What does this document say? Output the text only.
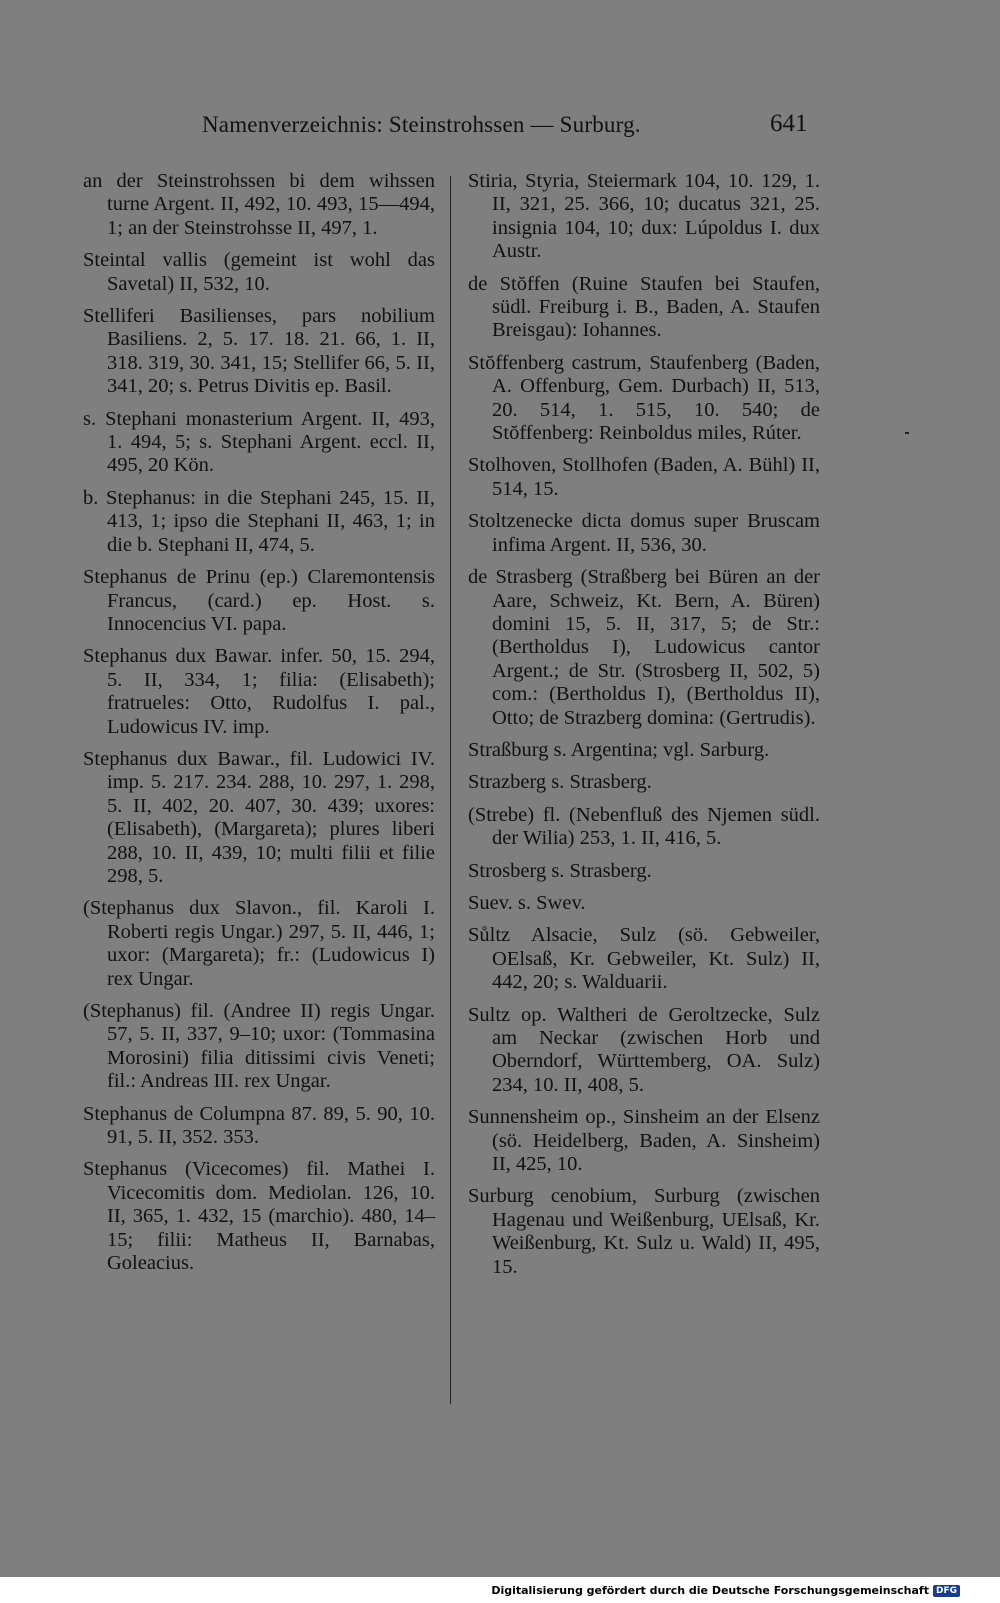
Namenverzeichnis: Steinstrohssen — Surburg.	641

an der Steinstrohssen bi dem wihssen turne Argent. II, 492, 10. 493, 15—494, 1; an der Steinstrohsse II, 497, 1.

Steintal vallis (gemeint ist wohl das Savetal) II, 532, 10.

Stelliferi Basilienses, pars nobilium Basiliens. 2, 5. 17. 18. 21. 66, 1. II, 318. 319, 30. 341, 15; Stellifer 66, 5. II, 341, 20; s. Petrus Divitis ep. Basil.

s. Stephani monasterium Argent. II, 493, 1. 494, 5; s. Stephani Argent. eccl. II, 495, 20 Kön.

b. Stephanus: in die Stephani 245, 15. II, 413, 1; ipso die Stephani II, 463, 1; in die b. Stephani II, 474, 5.

Stephanus de Prinu (ep.) Claremontensis Francus, (card.) ep. Host. s. Innocencius VI. papa.

Stephanus dux Bawar. infer. 50, 15. 294, 5. II, 334, 1; filia: (Elisabeth); fratrueles: Otto, Rudolfus I. pal., Ludowicus IV. imp.

Stephanus dux Bawar., fil. Ludowici IV. imp. 5. 217. 234. 288, 10. 297, 1. 298, 5. II, 402, 20. 407, 30. 439; uxores: (Elisabeth), (Margareta); plures liberi 288, 10. II, 439, 10; multi filii et filie 298, 5.

(Stephanus dux Slavon., fil. Karoli I. Roberti regis Ungar.) 297, 5. II, 446, 1; uxor: (Margareta); fr.: (Ludowicus I) rex Ungar.

(Stephanus) fil. (Andree II) regis Ungar. 57, 5. II, 337, 9–10; uxor: (Tommasina Morosini) filia ditissimi civis Veneti; fil.: Andreas III. rex Ungar.

Stephanus de Columpna 87. 89, 5. 90, 10. 91, 5. II, 352. 353.

Stephanus (Vicecomes) fil. Mathei I. Vicecomitis dom. Mediolan. 126, 10. II, 365, 1. 432, 15 (marchio). 480, 14–15; filii: Matheus II, Barnabas, Goleacius.

Stiria, Styria, Steiermark 104, 10. 129, 1. II, 321, 25. 366, 10; ducatus 321, 25. insignia 104, 10; dux: Lúpoldus I. dux Austr.

de Stŏffen (Ruine Staufen bei Staufen, südl. Freiburg i. B., Baden, A. Staufen Breisgau): Iohannes.

Stŏffenberg castrum, Staufenberg (Baden, A. Offenburg, Gem. Durbach) II, 513, 20. 514, 1. 515, 10. 540; de Stŏffenberg: Reinboldus miles, Rúter.

Stolhoven, Stollhofen (Baden, A. Bühl) II, 514, 15.

Stoltzenecke dicta domus super Bruscam infima Argent. II, 536, 30.

de Strasberg (Straßberg bei Büren an der Aare, Schweiz, Kt. Bern, A. Büren) domini 15, 5. II, 317, 5; de Str.: (Bertholdus I), Ludowicus cantor Argent.; de Str. (Strosberg II, 502, 5) com.: (Bertholdus I), (Bertholdus II), Otto; de Strazberg domina: (Gertrudis).

Straßburg s. Argentina; vgl. Sarburg.

Strazberg s. Strasberg.

(Strebe) fl. (Nebenfluß des Njemen südl. der Wilia) 253, 1. II, 416, 5.

Strosberg s. Strasberg.

Suev. s. Swev.

Sůltz Alsacie, Sulz (sö. Gebweiler, OElsaß, Kr. Gebweiler, Kt. Sulz) II, 442, 20; s. Walduarii.

Sultz op. Waltheri de Geroltzecke, Sulz am Neckar (zwischen Horb und Oberndorf, Württemberg, OA. Sulz) 234, 10. II, 408, 5.

Sunnensheim op., Sinsheim an der Elsenz (sö. Heidelberg, Baden, A. Sinsheim) II, 425, 10.

Surburg cenobium, Surburg (zwischen Hagenau und Weißenburg, UElsaß, Kr. Weißenburg, Kt. Sulz u. Wald) II, 495, 15.

Digitalisierung gefördert durch die Deutsche Forschungsgemeinschaft DFG
